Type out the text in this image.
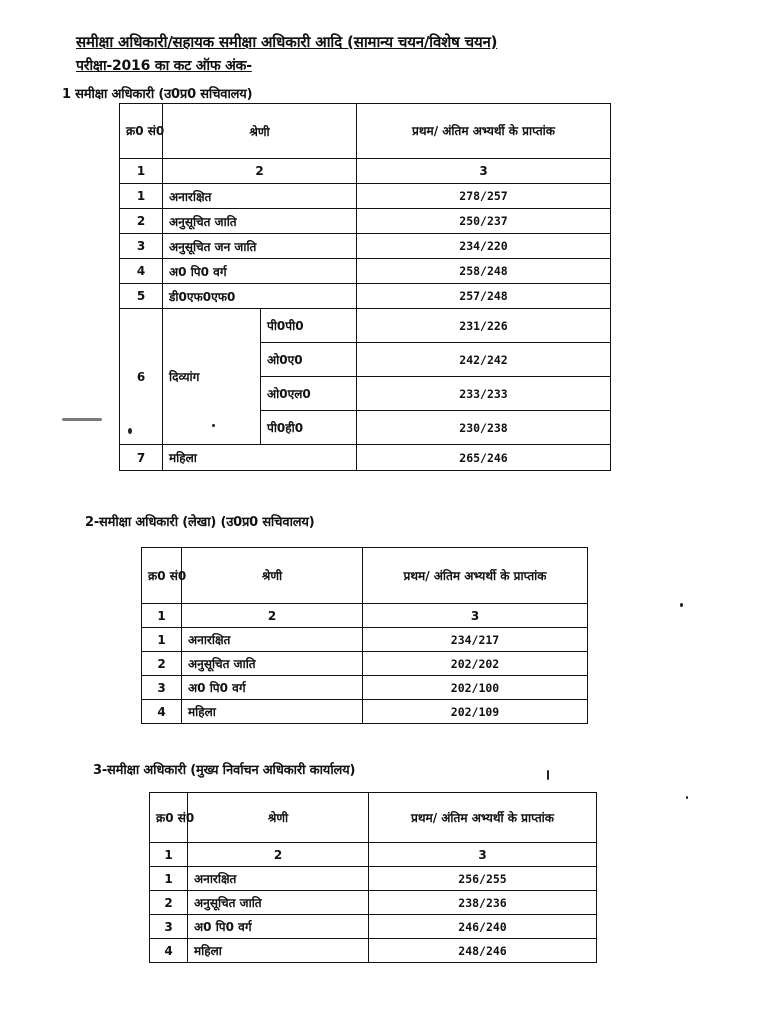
समीक्षा अधिकारी/सहायक समीक्षा अधिकारी आदि (सामान्य चयन/विशेष चयन)
परीक्षा-2016 का कट ऑफ अंक-
1 समीक्षा अधिकारी (उ0प्र0 सचिवालय)
क्र0 सं0	श्रेणी		प्रथम/ अंतिम अभ्यर्थी के प्राप्तांक
1	2		3
1	अनारक्षित		278/257
2	अनुसूचित जाति		250/237
3	अनुसूचित जन जाति		234/220
4	अ0 पि0 वर्ग		258/248
5	डी0एफ0एफ0		257/248
6	दिव्यांग	पी0पी0	231/226
		ओ0ए0	242/242
		ओ0एल0	233/233
		पी0ही0	230/238
7	महिला		265/246
2-समीक्षा अधिकारी (लेखा) (उ0प्र0 सचिवालय)
क्र0 सं0	श्रेणी	प्रथम/ अंतिम अभ्यर्थी के प्राप्तांक
1	2	3
1	अनारक्षित	234/217
2	अनुसूचित जाति	202/202
3	अ0 पि0 वर्ग	202/100
4	महिला	202/109
3-समीक्षा अधिकारी (मुख्य निर्वाचन अधिकारी कार्यालय)
क्र0 सं0	श्रेणी	प्रथम/ अंतिम अभ्यर्थी के प्राप्तांक
1	2	3
1	अनारक्षित	256/255
2	अनुसूचित जाति	238/236
3	अ0 पि0 वर्ग	246/240
4	महिला	248/246
